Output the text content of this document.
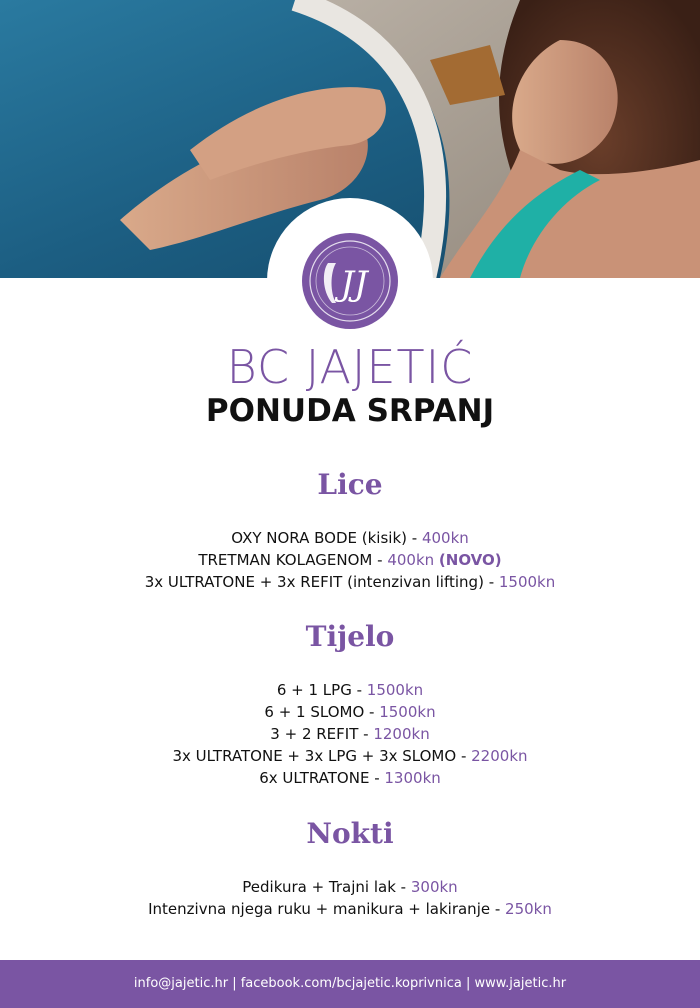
JJ
BC JAJETIĆ
PONUDA SRPANJ
Lice
OXY NORA BODE (kisik) - 400kn
TRETMAN KOLAGENOM - 400kn (NOVO)
3x ULTRATONE + 3x REFIT (intenzivan lifting) - 1500kn
Tijelo
6 + 1 LPG - 1500kn
6 + 1 SLOMO - 1500kn
3 + 2 REFIT - 1200kn
3x ULTRATONE + 3x LPG + 3x SLOMO - 2200kn
6x ULTRATONE - 1300kn
Nokti
Pedikura + Trajni lak - 300kn
Intenzivna njega ruku + manikura + lakiranje - 250kn
info@jajetic.hr | facebook.com/bcjajetic.koprivnica | www.jajetic.hr
